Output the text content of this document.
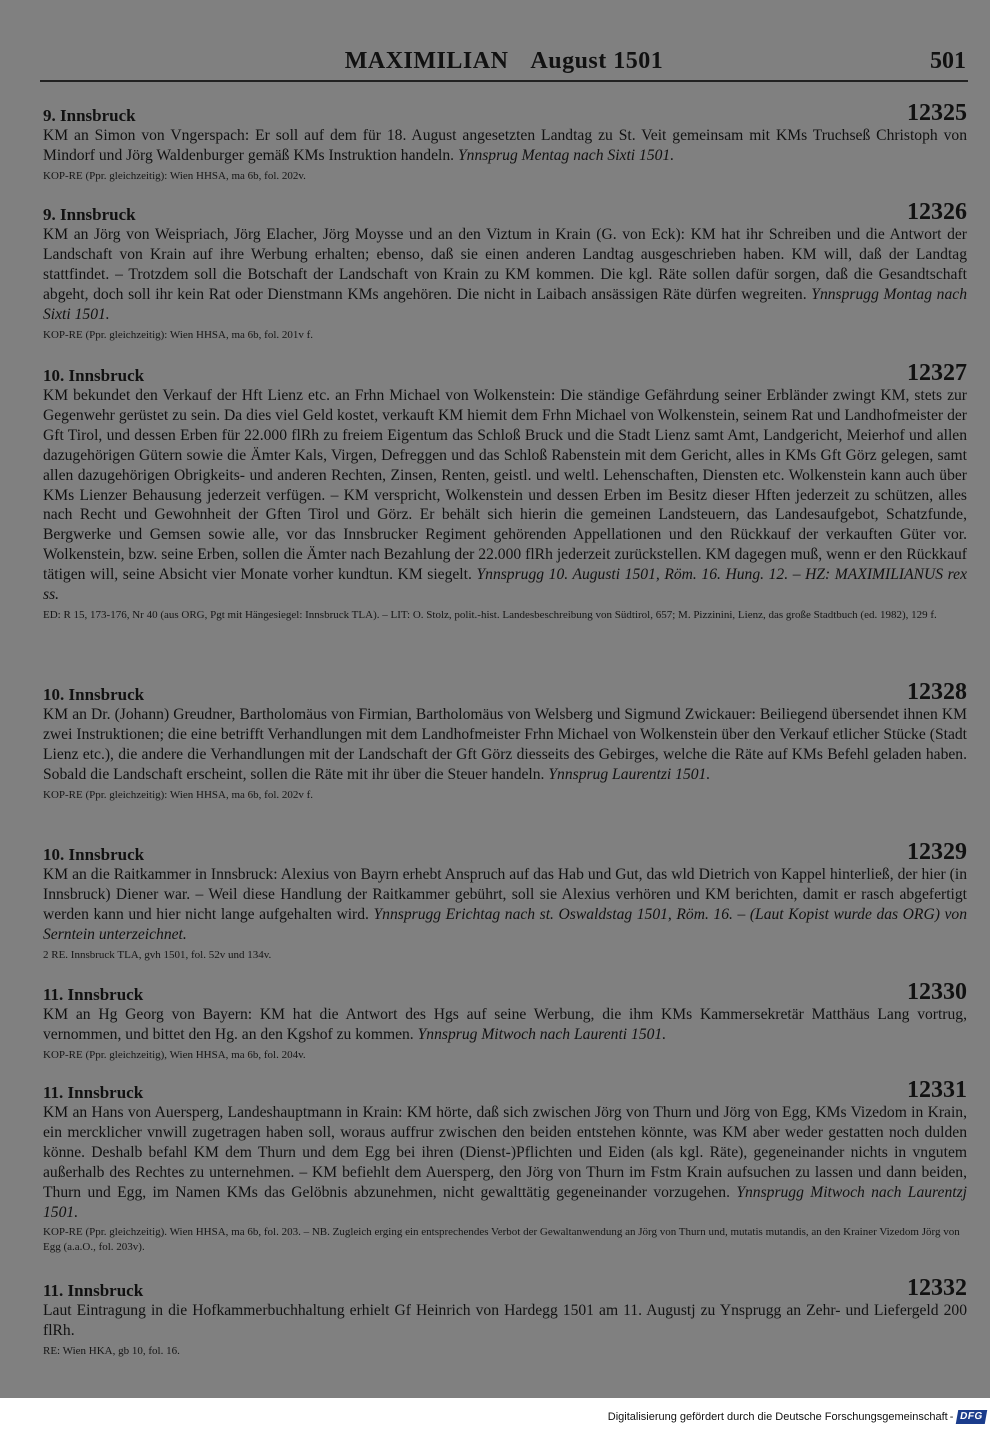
MAXIMILIAN August 1501	501
9. Innsbruck	12325
KM an Simon von Vngerspach: Er soll auf dem für 18. August angesetzten Landtag zu St. Veit gemeinsam mit KMs Truchseß Christoph von Mindorf und Jörg Waldenburger gemäß KMs Instruktion handeln. Ynnsprug Mentag nach Sixti 1501.
KOP-RE (Ppr. gleichzeitig): Wien HHSA, ma 6b, fol. 202v.
9. Innsbruck	12326
KM an Jörg von Weispriach, Jörg Elacher, Jörg Moysse und an den Viztum in Krain (G. von Eck): KM hat ihr Schreiben und die Antwort der Landschaft von Krain auf ihre Werbung erhalten; ebenso, daß sie einen anderen Landtag ausgeschrieben haben. KM will, daß der Landtag stattfindet. – Trotzdem soll die Botschaft der Landschaft von Krain zu KM kommen. Die kgl. Räte sollen dafür sorgen, daß die Gesandtschaft abgeht, doch soll ihr kein Rat oder Dienstmann KMs angehören. Die nicht in Laibach ansässigen Räte dürfen wegreiten. Ynnsprugg Montag nach Sixti 1501.
KOP-RE (Ppr. gleichzeitig): Wien HHSA, ma 6b, fol. 201v f.
10. Innsbruck	12327
KM bekundet den Verkauf der Hft Lienz etc. an Frhn Michael von Wolkenstein: Die ständige Gefährdung seiner Erbländer zwingt KM, stets zur Gegenwehr gerüstet zu sein. Da dies viel Geld kostet, verkauft KM hiemit dem Frhn Michael von Wolkenstein, seinem Rat und Landhofmeister der Gft Tirol, und dessen Erben für 22.000 flRh zu freiem Eigentum das Schloß Bruck und die Stadt Lienz samt Amt, Landgericht, Meierhof und allen dazugehörigen Gütern sowie die Ämter Kals, Virgen, Defreggen und das Schloß Rabenstein mit dem Gericht, alles in KMs Gft Görz gelegen, samt allen dazugehörigen Obrigkeits- und anderen Rechten, Zinsen, Renten, geistl. und weltl. Lehenschaften, Diensten etc. Wolkenstein kann auch über KMs Lienzer Behausung jederzeit verfügen. – KM verspricht, Wolkenstein und dessen Erben im Besitz dieser Hften jederzeit zu schützen, alles nach Recht und Gewohnheit der Gften Tirol und Görz. Er behält sich hierin die gemeinen Landsteuern, das Landesaufgebot, Schatzfunde, Bergwerke und Gemsen sowie alle, vor das Innsbrucker Regiment gehörenden Appellationen und den Rückkauf der verkauften Güter vor. Wolkenstein, bzw. seine Erben, sollen die Ämter nach Bezahlung der 22.000 flRh jederzeit zurückstellen. KM dagegen muß, wenn er den Rückkauf tätigen will, seine Absicht vier Monate vorher kundtun. KM siegelt. Ynnsprugg 10. Augusti 1501, Röm. 16. Hung. 12. – HZ: MAXIMILIANUS rex ss.
ED: R 15, 173-176, Nr 40 (aus ORG, Pgt mit Hängesiegel: Innsbruck TLA). – LIT: O. Stolz, polit.-hist. Landesbeschreibung von Südtirol, 657; M. Pizzinini, Lienz, das große Stadtbuch (ed. 1982), 129 f.
10. Innsbruck	12328
KM an Dr. (Johann) Greudner, Bartholomäus von Firmian, Bartholomäus von Welsberg und Sigmund Zwickauer: Beiliegend übersendet ihnen KM zwei Instruktionen; die eine betrifft Verhandlungen mit dem Landhofmeister Frhn Michael von Wolkenstein über den Verkauf etlicher Stücke (Stadt Lienz etc.), die andere die Verhandlungen mit der Landschaft der Gft Görz diesseits des Gebirges, welche die Räte auf KMs Befehl geladen haben. Sobald die Landschaft erscheint, sollen die Räte mit ihr über die Steuer handeln. Ynnsprug Laurentzi 1501.
KOP-RE (Ppr. gleichzeitig): Wien HHSA, ma 6b, fol. 202v f.
10. Innsbruck	12329
KM an die Raitkammer in Innsbruck: Alexius von Bayrn erhebt Anspruch auf das Hab und Gut, das wld Dietrich von Kappel hinterließ, der hier (in Innsbruck) Diener war. – Weil diese Handlung der Raitkammer gebührt, soll sie Alexius verhören und KM berichten, damit er rasch abgefertigt werden kann und hier nicht lange aufgehalten wird. Ynnsprugg Erichtag nach st. Oswaldstag 1501, Röm. 16. – (Laut Kopist wurde das ORG) von Serntein unterzeichnet.
2 RE. Innsbruck TLA, gvh 1501, fol. 52v und 134v.
11. Innsbruck	12330
KM an Hg Georg von Bayern: KM hat die Antwort des Hgs auf seine Werbung, die ihm KMs Kammersekretär Matthäus Lang vortrug, vernommen, und bittet den Hg. an den Kgshof zu kommen. Ynnsprug Mitwoch nach Laurenti 1501.
KOP-RE (Ppr. gleichzeitig), Wien HHSA, ma 6b, fol. 204v.
11. Innsbruck	12331
KM an Hans von Auersperg, Landeshauptmann in Krain: KM hörte, daß sich zwischen Jörg von Thurn und Jörg von Egg, KMs Vizedom in Krain, ein mercklicher vnwill zugetragen haben soll, woraus auffrur zwischen den beiden entstehen könnte, was KM aber weder gestatten noch dulden könne. Deshalb befahl KM dem Thurn und dem Egg bei ihren (Dienst-)Pflichten und Eiden (als kgl. Räte), gegeneinander nichts in vngutem außerhalb des Rechtes zu unternehmen. – KM befiehlt dem Auersperg, den Jörg von Thurn im Fstm Krain aufsuchen zu lassen und dann beiden, Thurn und Egg, im Namen KMs das Gelöbnis abzunehmen, nicht gewalttätig gegeneinander vorzugehen. Ynnsprugg Mitwoch nach Laurentzj 1501.
KOP-RE (Ppr. gleichzeitig). Wien HHSA, ma 6b, fol. 203. – NB. Zugleich erging ein entsprechendes Verbot der Gewaltanwendung an Jörg von Thurn und, mutatis mutandis, an den Krainer Vizedom Jörg von Egg (a.a.O., fol. 203v).
11. Innsbruck	12332
Laut Eintragung in die Hofkammerbuchhaltung erhielt Gf Heinrich von Hardegg 1501 am 11. Augustj zu Ynsprugg an Zehr- und Liefergeld 200 flRh.
RE: Wien HKA, gb 10, fol. 16.
Digitalisierung gefördert durch die Deutsche Forschungsgemeinschaft - DFG
